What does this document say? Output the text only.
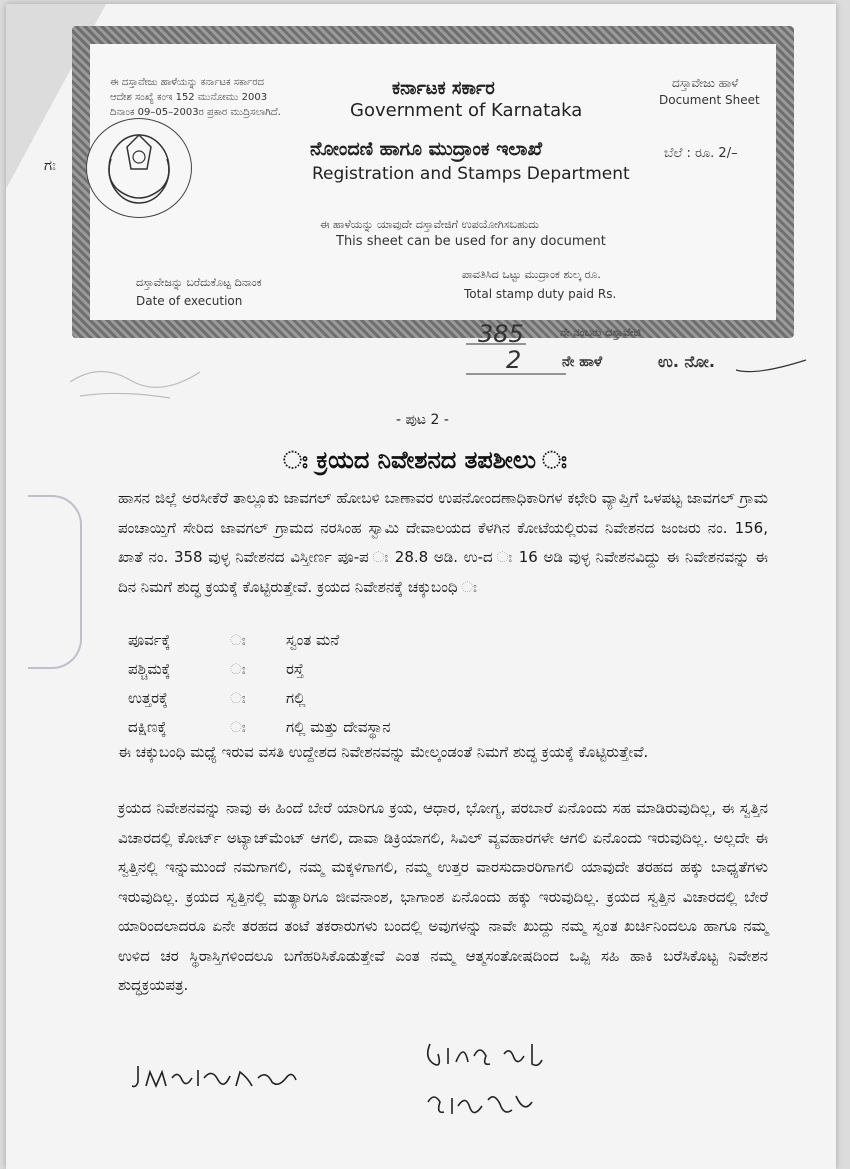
ಈ ದಸ್ತಾವೇಜು ಹಾಳೆಯನ್ನು ಕರ್ನಾಟಕ ಸರ್ಕಾರದ
ಆದೇಶ ಸಂಖ್ಯೆ ಕಂಇ 152 ಮುನೋಮು 2003
ದಿನಾಂಕ 09–05–2003ರ ಪ್ರಕಾರ ಮುದ್ರಿಸಲಾಗಿದೆ.
ಕರ್ನಾಟಕ ಸರ್ಕಾರ
Government of Karnataka
ದಸ್ತಾವೇಜು ಹಾಳೆ
Document Sheet
ನೋಂದಣಿ ಹಾಗೂ ಮುದ್ರಾಂಕ ಇಲಾಖೆ
Registration and Stamps Department
ಬೆಲೆ : ರೂ. 2/–
ಗಃ
ಈ ಹಾಳೆಯನ್ನು ಯಾವುದೇ ದಸ್ತಾವೇಜಿಗೆ ಉಪಯೋಗಿಸಬಹುದು
This sheet can be used for any document
ದಸ್ತಾವೇಜನ್ನು ಬರೆದುಕೊಟ್ಟ ದಿನಾಂಕ
Date of execution
ಪಾವತಿಸಿದ ಒಟ್ಟು ಮುದ್ರಾಂಕ ಶುಲ್ಕ ರೂ.
Total stamp duty paid Rs.
385	ನೇ ನಂಬರು ದಸ್ತಾವೇಜಿ
2	ನೇ ಹಾಳೆ	ಉ. ನೋ.
- ಪುಟ 2 -
ಃ ಕ್ರಯದ ನಿವೇಶನದ ತಪಶೀಲು ಃ
ಹಾಸನ ಜಿಲ್ಲೆ ಅರಸೀಕೆರೆ ತಾಲ್ಲೂಕು ಜಾವಗಲ್ ಹೋಬಳಿ ಬಾಣಾವರ ಉಪನೋಂದಣಾಧಿಕಾರಿಗಳ ಕಛೇರಿ ವ್ಯಾಪ್ತಿಗೆ ಒಳಪಟ್ಟ ಜಾವಗಲ್ ಗ್ರಾಮ ಪಂಚಾಯ್ತಿಗೆ ಸೇರಿದ ಜಾವಗಲ್ ಗ್ರಾಮದ ನರಸಿಂಹ ಸ್ವಾಮಿ ದೇವಾಲಯದ ಕೆಳಗಿನ ಕೋಟೆಯಲ್ಲಿರುವ ನಿವೇಶನದ ಜಂಜರು ನಂ. 156, ಖಾತೆ ನಂ. 358 ವುಳ್ಳ ನಿವೇಶನದ ವಿಸ್ತೀರ್ಣ ಪೂ-ಪ ಃ 28.8 ಅಡಿ. ಉ-ದ ಃ 16 ಅಡಿ ವುಳ್ಳ ನಿವೇಶನವಿದ್ದು ಈ ನಿವೇಶನವನ್ನು ಈ ದಿನ ನಿಮಗೆ ಶುದ್ಧ ಕ್ರಯಕ್ಕೆ ಕೊಟ್ಟಿರುತ್ತೇವೆ. ಕ್ರಯದ ನಿವೇಶನಕ್ಕೆ ಚಕ್ಕುಬಂಧಿ ಃ
ಪೂರ್ವಕ್ಕೆ	ಃ	ಸ್ವಂತ ಮನೆ
ಪಶ್ಚಿಮಕ್ಕೆ	ಃ	ರಸ್ತೆ
ಉತ್ತರಕ್ಕೆ	ಃ	ಗಲ್ಲಿ
ದಕ್ಷಿಣಕ್ಕೆ	ಃ	ಗಲ್ಲಿ ಮತ್ತು ದೇವಸ್ಥಾನ
ಈ ಚಕ್ಕುಬಂಧಿ ಮಧ್ಯೆ ಇರುವ ವಸತಿ ಉದ್ದೇಶದ ನಿವೇಶನವನ್ನು ಮೇಲ್ಕಂಡಂತೆ ನಿಮಗೆ ಶುದ್ಧ ಕ್ರಯಕ್ಕೆ ಕೊಟ್ಟಿರುತ್ತೇವೆ.
ಕ್ರಯದ ನಿವೇಶನವನ್ನು ನಾವು ಈ ಹಿಂದೆ ಬೇರೆ ಯಾರಿಗೂ ಕ್ರಯ, ಆಧಾರ, ಭೋಗ್ಯ, ಪರಬಾರೆ ಏನೊಂದು ಸಹ ಮಾಡಿರುವುದಿಲ್ಲ, ಈ ಸ್ವತ್ತಿನ ವಿಚಾರದಲ್ಲಿ ಕೋರ್ಟ್ ಅಟ್ಯಾಚ್‌ಮೆಂಟ್ ಆಗಲಿ, ದಾವಾ ಡಿಕ್ರಿಯಾಗಲಿ, ಸಿವಿಲ್ ವ್ಯವಹಾರಗಳೇ ಆಗಲಿ ಏನೊಂದು ಇರುವುದಿಲ್ಲ. ಅಲ್ಲದೇ ಈ ಸ್ವತ್ತಿನಲ್ಲಿ ಇನ್ನುಮುಂದೆ ನಮಗಾಗಲಿ, ನಮ್ಮ ಮಕ್ಕಳಿಗಾಗಲಿ, ನಮ್ಮ ಉತ್ತರ ವಾರಸುದಾರರಿಗಾಗಲಿ ಯಾವುದೇ ತರಹದ ಹಕ್ಕು ಬಾಧ್ಯತೆಗಳು ಇರುವುದಿಲ್ಲ. ಕ್ರಯದ ಸ್ವತ್ತಿನಲ್ಲಿ ಮತ್ಯಾರಿಗೂ ಜೀವನಾಂಶ, ಭಾಗಾಂಶ ಏನೊಂದು ಹಕ್ಕು ಇರುವುದಿಲ್ಲ. ಕ್ರಯದ ಸ್ವತ್ತಿನ ವಿಚಾರದಲ್ಲಿ ಬೇರೆ ಯಾರಿಂದಲಾದರೂ ಏನೇ ತರಹದ ತಂಟೆ ತಕರಾರುಗಳು ಬಂದಲ್ಲಿ ಅವುಗಳನ್ನು ನಾವೇ ಖುದ್ದು ನಮ್ಮ ಸ್ವಂತ ಖರ್ಚಿನಿಂದಲೂ ಹಾಗೂ ನಮ್ಮ ಉಳಿದ ಚರ ಸ್ಥಿರಾಸ್ತಿಗಳಿಂದಲೂ ಬಗೆಹರಿಸಿಕೊಡುತ್ತೇವೆ ಎಂತ ನಮ್ಮ ಆತ್ಮಸಂತೋಷದಿಂದ ಒಪ್ಪಿ ಸಹಿ ಹಾಕಿ ಬರೆಸಿಕೊಟ್ಟ ನಿವೇಶನ ಶುದ್ಧಕ್ರಯಪತ್ರ.
